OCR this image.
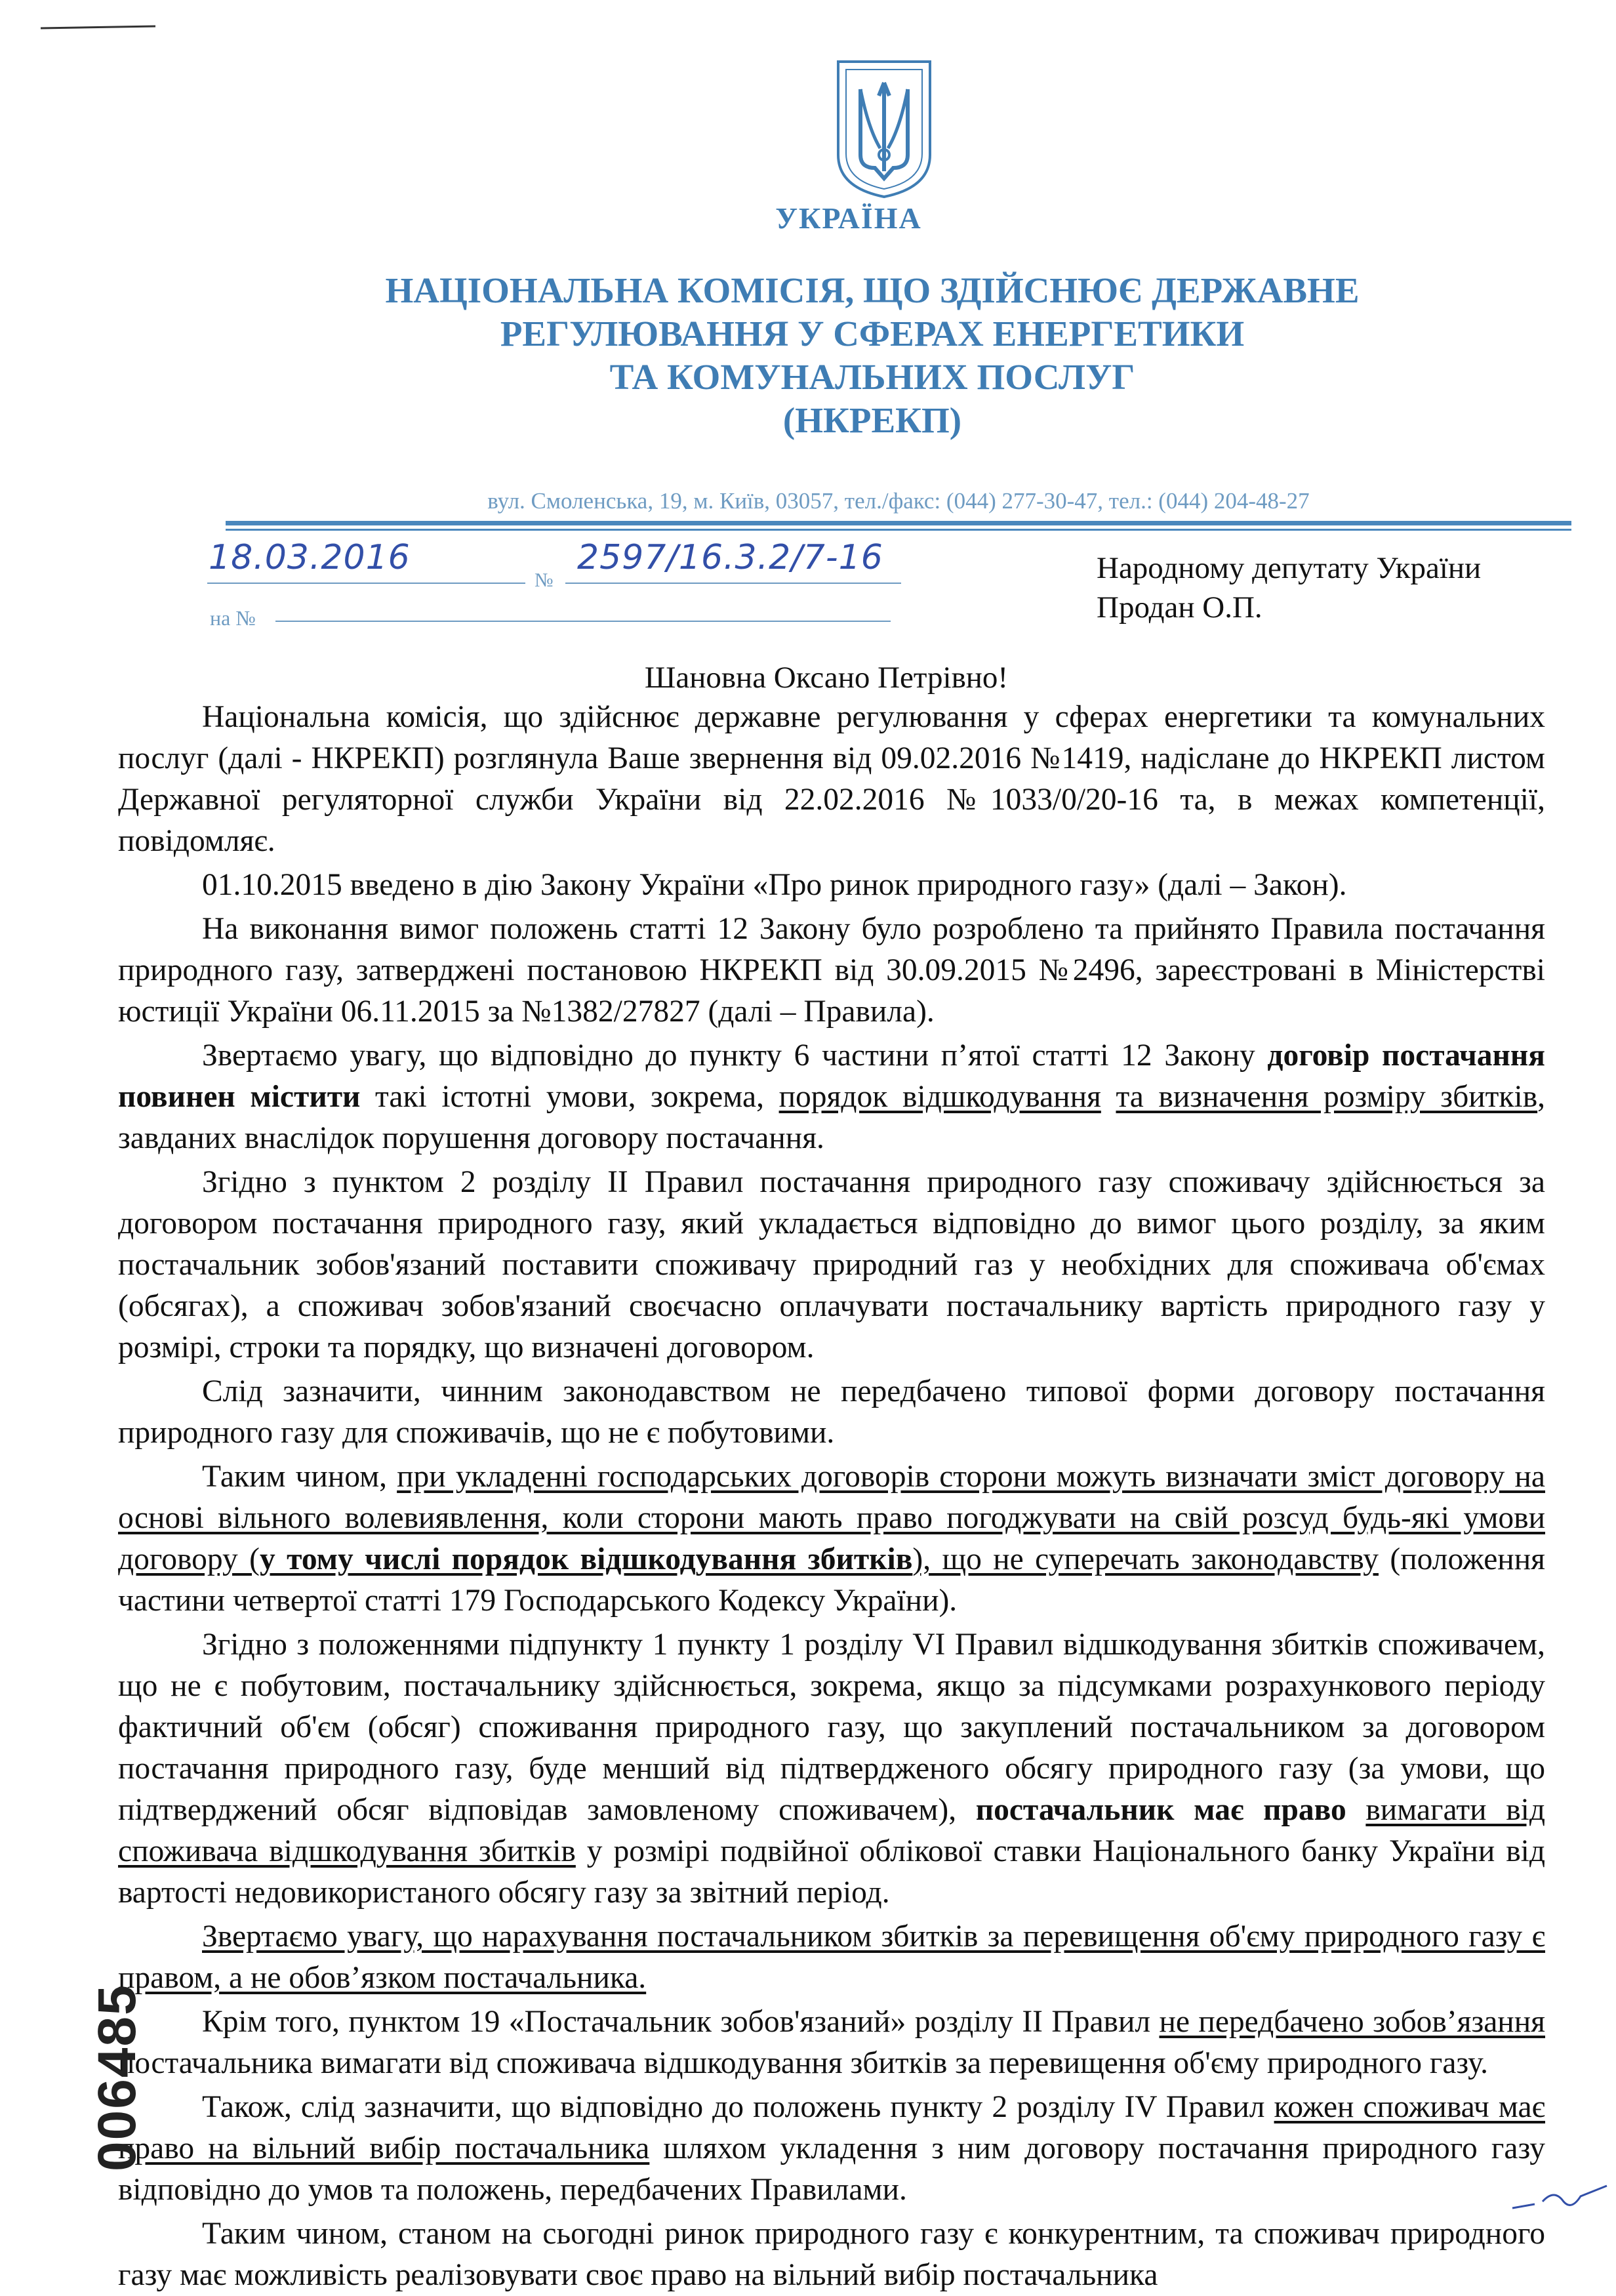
УКРАЇНА
НАЦІОНАЛЬНА КОМІСІЯ, ЩО ЗДІЙСНЮЄ ДЕРЖАВНЕ
РЕГУЛЮВАННЯ У СФЕРАХ ЕНЕРГЕТИКИ
ТА КОМУНАЛЬНИХ ПОСЛУГ
(НКРЕКП)
вул. Смоленська, 19, м. Київ, 03057, тел./факс: (044) 277-30-47, тел.: (044) 204-48-27
18.03.2016
№
2597/16.3.2/7-16
на №
Народному депутату України
Продан О.П.
Шановна Оксано Петрівно!

Національна комісія, що здійснює державне регулювання у сферах енергетики та комунальних послуг (далі - НКРЕКП) розглянула Ваше звернення від 09.02.2016 №1419, надіслане до НКРЕКП листом Державної регуляторної служби України від 22.02.2016 №1033/0/20-16 та, в межах компетенції, повідомляє.

01.10.2015 введено в дію Закону України «Про ринок природного газу» (далі – Закон).

На виконання вимог положень статті 12 Закону було розроблено та прийнято Правила постачання природного газу, затверджені постановою НКРЕКП від 30.09.2015 №2496, зареєстровані в Міністерстві юстиції України 06.11.2015 за №1382/27827 (далі – Правила).

Звертаємо увагу, що відповідно до пункту 6 частини п’ятої статті 12 Закону договір постачання повинен містити такі істотні умови, зокрема, порядок відшкодування та визначення розміру збитків, завданих внаслідок порушення договору постачання.

Згідно з пунктом 2 розділу II Правил постачання природного газу споживачу здійснюється за договором постачання природного газу, який укладається відповідно до вимог цього розділу, за яким постачальник зобов'язаний поставити споживачу природний газ у необхідних для споживача об'ємах (обсягах), а споживач зобов'язаний своєчасно оплачувати постачальнику вартість природного газу у розмірі, строки та порядку, що визначені договором.

Слід зазначити, чинним законодавством не передбачено типової форми договору постачання природного газу для споживачів, що не є побутовими.

Таким чином, при укладенні господарських договорів сторони можуть визначати зміст договору на основі вільного волевиявлення, коли сторони мають право погоджувати на свій розсуд будь-які умови договору (у тому числі порядок відшкодування збитків), що не суперечать законодавству (положення частини четвертої статті 179 Господарського Кодексу України).

Згідно з положеннями підпункту 1 пункту 1 розділу VI Правил відшкодування збитків споживачем, що не є побутовим, постачальнику здійснюється, зокрема, якщо за підсумками розрахункового періоду фактичний об'єм (обсяг) споживання природного газу, що закуплений постачальником за договором постачання природного газу, буде менший від підтвердженого обсягу природного газу (за умови, що підтверджений обсяг відповідав замовленому споживачем), постачальник має право вимагати від споживача відшкодування збитків у розмірі подвійної облікової ставки Національного банку України від вартості недовикористаного обсягу газу за звітний період.

Звертаємо увагу, що нарахування постачальником збитків за перевищення об'єму природного газу є правом, а не обов’язком постачальника.

Крім того, пунктом 19 «Постачальник зобов'язаний» розділу II Правил не передбачено зобов’язання постачальника вимагати від споживача відшкодування збитків за перевищення об'єму природного газу.

Також, слід зазначити, що відповідно до положень пункту 2 розділу IV Правил кожен споживач має право на вільний вибір постачальника шляхом укладення з ним договору постачання природного газу відповідно до умов та положень, передбачених Правилами.

Таким чином, станом на сьогодні ринок природного газу є конкурентним, та споживач природного газу має можливість реалізовувати своє право на вільний вибір постачальника

006485
